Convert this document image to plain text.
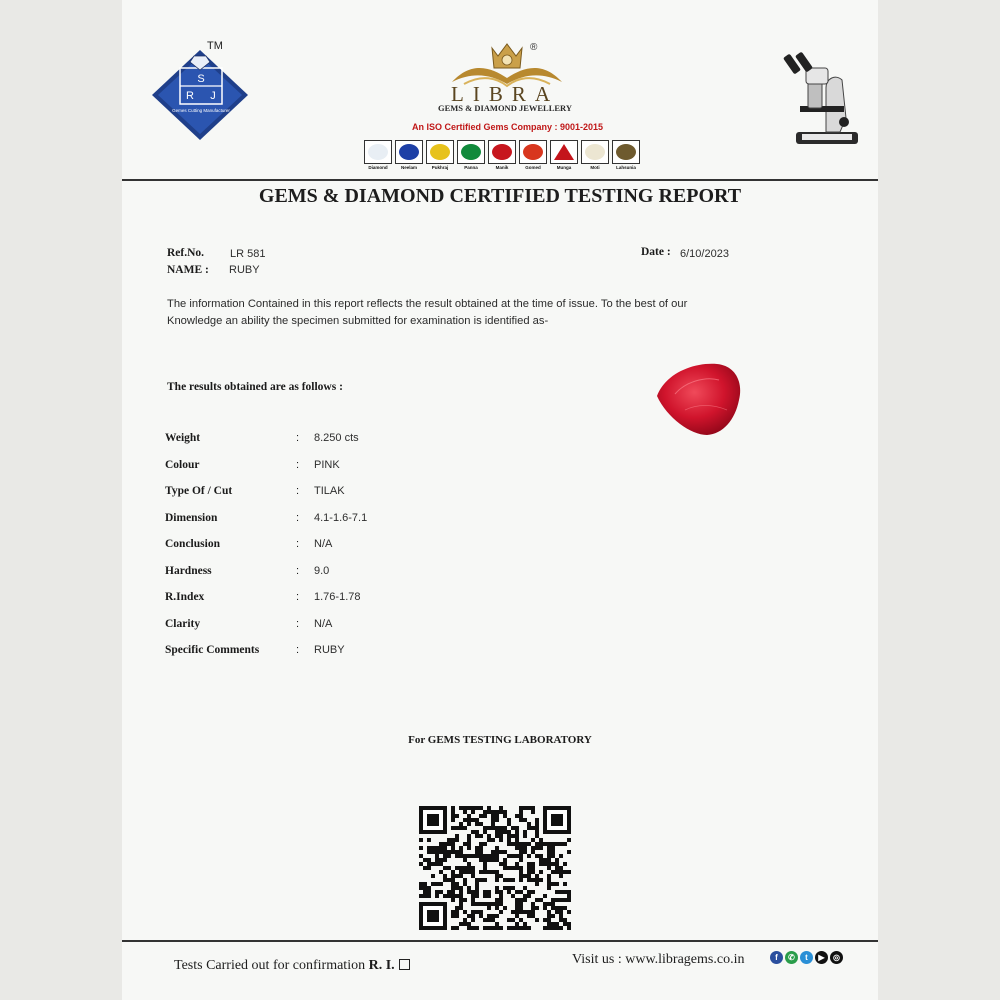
S
R J
Gemes Cutting Manufacturer
TM	®
LIBRA
GEMS & DIAMOND JEWELLERY
An ISO Certified Gems Company : 9001-2015
Diamond	Neelam	Pukhraj	Panna	Manik	Gomed	Munga	Moti	Lahsunia
GEMS & DIAMOND CERTIFIED TESTING REPORT
Ref.No. LR 581
NAME : RUBY
Date : 6/10/2023
The information Contained in this report reflects the result obtained at the time of issue. To the best of our
Knowledge an ability the specimen submitted for examination is identified as-
The results obtained are as follows :
Weight	: 8.250 cts
Colour	: PINK
Type Of / Cut	: TILAK
Dimension	: 4.1-1.6-7.1
Conclusion	: N/A
Hardness	: 9.0
R.Index	: 1.76-1.78
Clarity	: N/A
Specific Comments	: RUBY
For GEMS TESTING LABORATORY
Tests Carried out for confirmation R. I.	Visit us : www.libragems.co.in	f	✆	t	▶	◎
